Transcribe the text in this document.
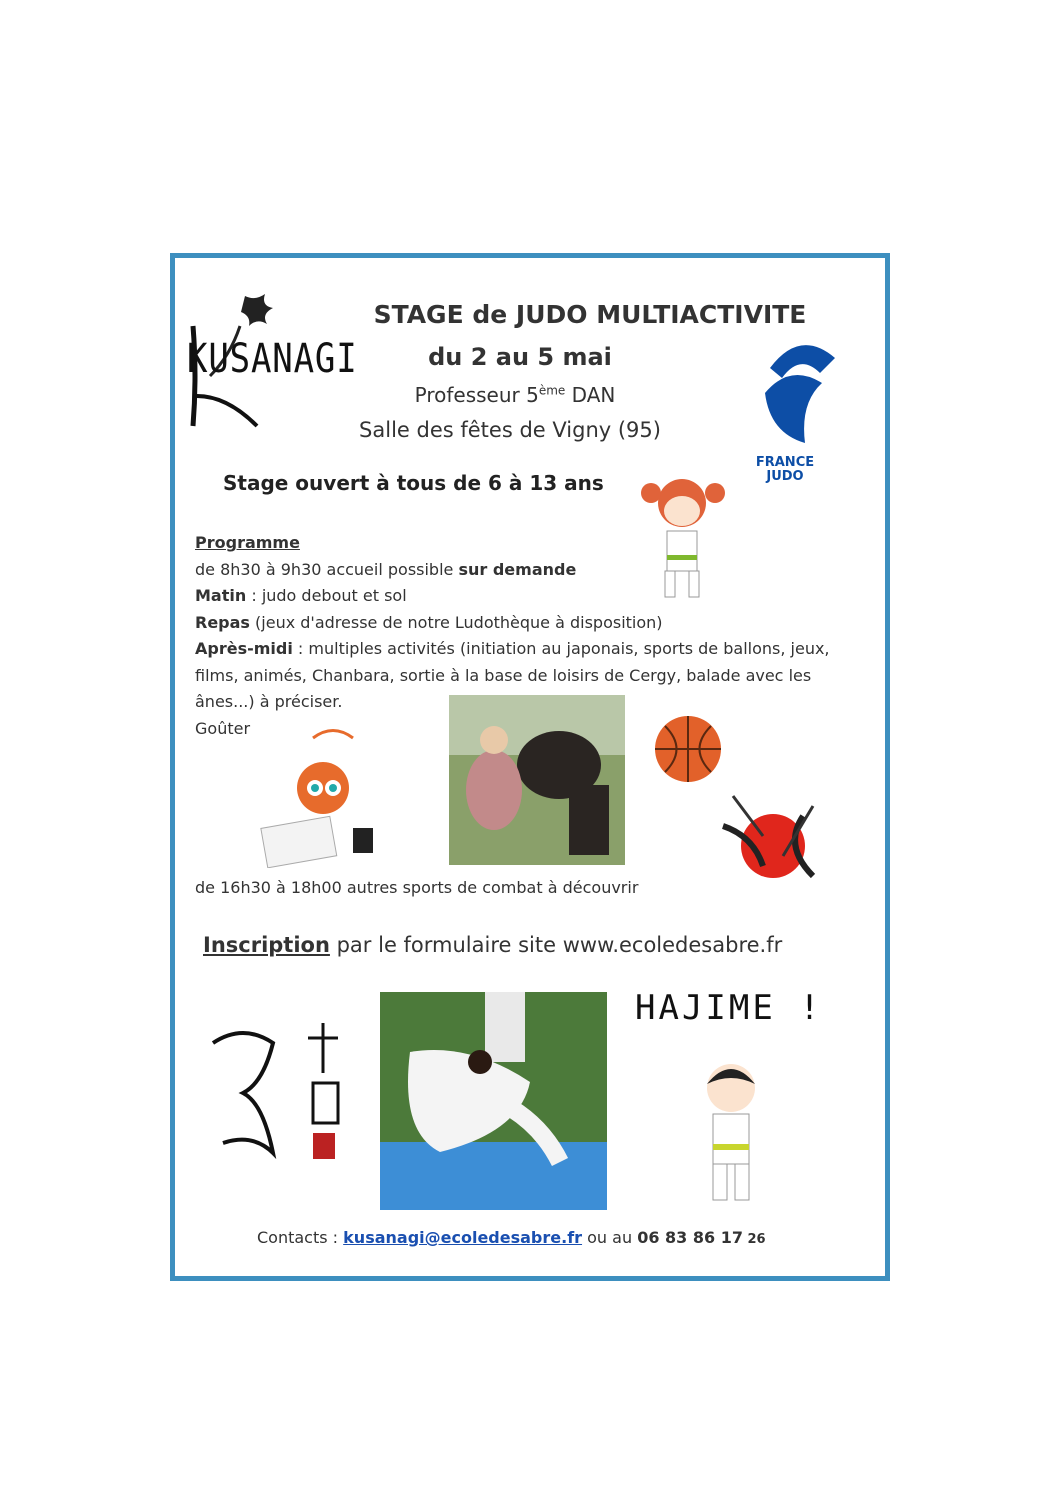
KUSANAGI
STAGE de JUDO MULTIACTIVITE
du 2 au 5 mai
Professeur 5ème DAN
Salle des fêtes de Vigny (95)
FRANCE
JUDO
Stage ouvert à tous de 6 à 13 ans
Programme
de 8h30 à 9h30 accueil possible sur demande
Matin : judo debout et sol
Repas (jeux d'adresse de notre Ludothèque à disposition)
Après-midi : multiples activités (initiation au japonais, sports de ballons, jeux, films, animés, Chanbara, sortie à la base de loisirs de Cergy, balade avec les ânes...) à préciser.
Goûter
de 16h30 à 18h00 autres sports de combat à découvrir
Inscription par le formulaire site www.ecoledesabre.fr
HAJIME !
Contacts : kusanagi@ecoledesabre.fr ou au 06 83 86 17 26
